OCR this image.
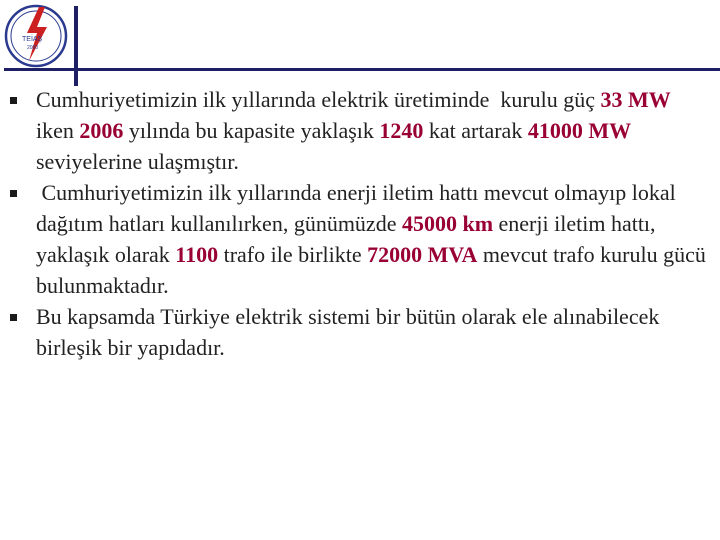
TEİAŞ
2000
Cumhuriyetimizin ilk yıllarında elektrik üretiminde  kurulu güç 33 MW iken 2006 yılında bu kapasite yaklaşık 1240 kat artarak 41000 MW seviyelerine ulaşmıştır.
Cumhuriyetimizin ilk yıllarında enerji iletim hattı mevcut olmayıp lokal dağıtım hatları kullanılırken, günümüzde 45000 km enerji iletim hattı, yaklaşık olarak 1100 trafo ile birlikte 72000 MVA mevcut trafo kurulu gücü bulunmaktadır.
Bu kapsamda Türkiye elektrik sistemi bir bütün olarak ele alınabilecek birleşik bir yapıdadır.
